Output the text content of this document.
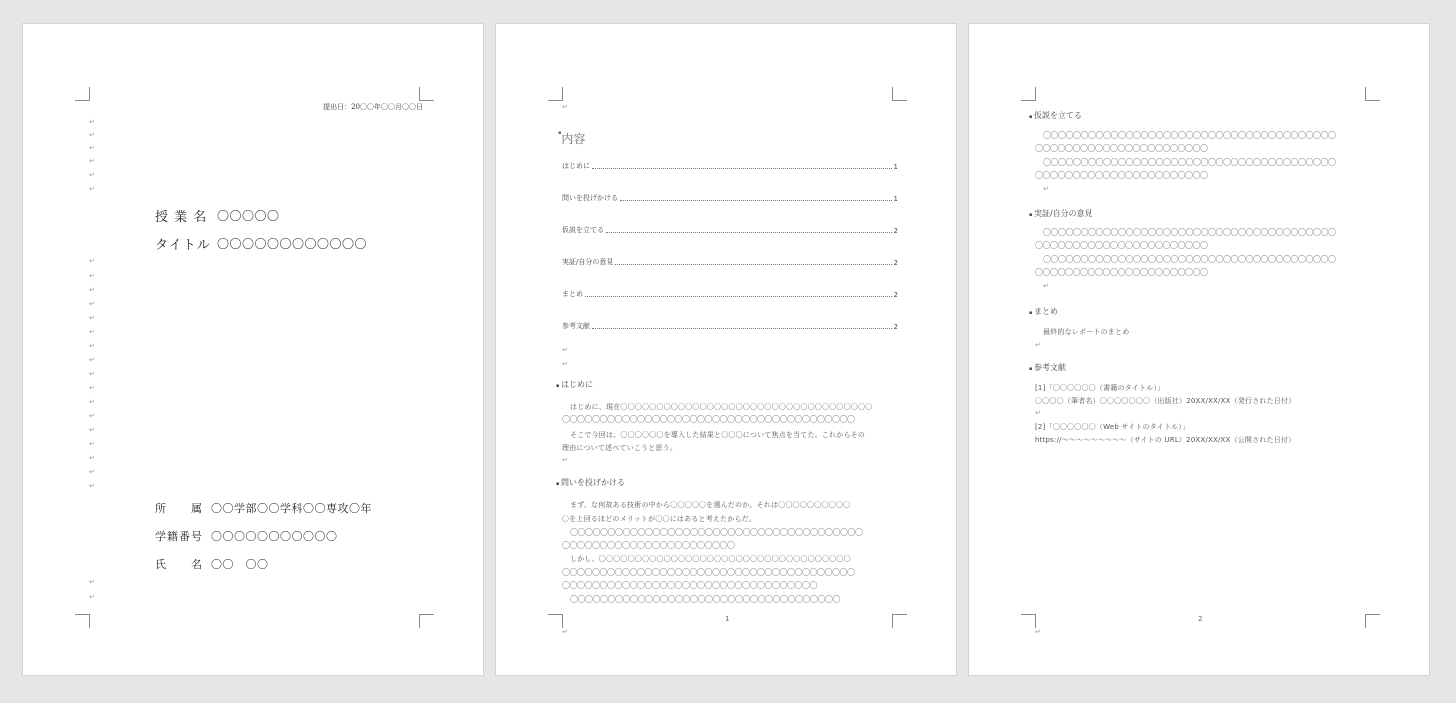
提出日：20〇〇年〇〇月〇〇日
↵
↵
↵
↵
↵
↵
授 業 名 〇〇〇〇〇
タイトル 〇〇〇〇〇〇〇〇〇〇〇〇
↵
↵
↵
↵
↵
↵
↵
↵
↵
↵
↵
↵
↵
↵
↵
↵
↵
所　　属 〇〇学部〇〇学科〇〇専攻〇年
学籍番号 〇〇〇〇〇〇〇〇〇〇〇
氏　　名 〇〇　〇〇
↵
↵
↵
▪内容
はじめに	1
問いを投げかける	1
仮説を立てる	2
実証/自分の意見	2
まとめ	2
参考文献	2
↵
↵
▪ はじめに
はじめに、現在〇〇〇〇〇〇〇〇〇〇〇〇〇〇〇〇〇〇〇〇〇〇〇〇〇〇〇〇〇〇〇〇〇〇〇
〇〇〇〇〇〇〇〇〇〇〇〇〇〇〇〇〇〇〇〇〇〇〇〇〇〇〇〇〇〇〇〇〇〇〇〇〇〇〇
そこで今回は、〇〇〇〇〇〇を導入した結果と〇〇〇について焦点を当てた。これからその
理由について述べていこうと思う。
↵
▪ 問いを投げかける
まず、な何故ある技術の中から〇〇〇〇〇を選んだのか。それは〇〇〇〇〇〇〇〇〇〇
〇を上回るほどのメリットが〇〇にはあると考えたからだ。
〇〇〇〇〇〇〇〇〇〇〇〇〇〇〇〇〇〇〇〇〇〇〇〇〇〇〇〇〇〇〇〇〇〇〇〇〇〇〇
〇〇〇〇〇〇〇〇〇〇〇〇〇〇〇〇〇〇〇〇〇〇〇
しかし、〇〇〇〇〇〇〇〇〇〇〇〇〇〇〇〇〇〇〇〇〇〇〇〇〇〇〇〇〇〇〇〇〇〇〇
〇〇〇〇〇〇〇〇〇〇〇〇〇〇〇〇〇〇〇〇〇〇〇〇〇〇〇〇〇〇〇〇〇〇〇〇〇〇〇
〇〇〇〇〇〇〇〇〇〇〇〇〇〇〇〇〇〇〇〇〇〇〇〇〇〇〇〇〇〇〇〇〇〇
〇〇〇〇〇〇〇〇〇〇〇〇〇〇〇〇〇〇〇〇〇〇〇〇〇〇〇〇〇〇〇〇〇〇〇〇
1
↵
▪ 仮説を立てる
〇〇〇〇〇〇〇〇〇〇〇〇〇〇〇〇〇〇〇〇〇〇〇〇〇〇〇〇〇〇〇〇〇〇〇〇〇〇〇
〇〇〇〇〇〇〇〇〇〇〇〇〇〇〇〇〇〇〇〇〇〇〇
〇〇〇〇〇〇〇〇〇〇〇〇〇〇〇〇〇〇〇〇〇〇〇〇〇〇〇〇〇〇〇〇〇〇〇〇〇〇〇
〇〇〇〇〇〇〇〇〇〇〇〇〇〇〇〇〇〇〇〇〇〇〇
↵
▪ 実証/自分の意見
〇〇〇〇〇〇〇〇〇〇〇〇〇〇〇〇〇〇〇〇〇〇〇〇〇〇〇〇〇〇〇〇〇〇〇〇〇〇〇
〇〇〇〇〇〇〇〇〇〇〇〇〇〇〇〇〇〇〇〇〇〇〇
〇〇〇〇〇〇〇〇〇〇〇〇〇〇〇〇〇〇〇〇〇〇〇〇〇〇〇〇〇〇〇〇〇〇〇〇〇〇〇
〇〇〇〇〇〇〇〇〇〇〇〇〇〇〇〇〇〇〇〇〇〇〇
↵
▪ まとめ
最終的なレポートのまとめ
↵
▪ 参考文献
[1]「〇〇〇〇〇〇（書籍のタイトル）」
〇〇〇〇（筆者名）〇〇〇〇〇〇〇（出版社）20XX/XX/XX（発行された日付）
↵
[2]「〇〇〇〇〇〇（Web サイトのタイトル）」
https://～～～～～～～～～（サイトの URL）20XX/XX/XX（公開された日付）
2
↵
